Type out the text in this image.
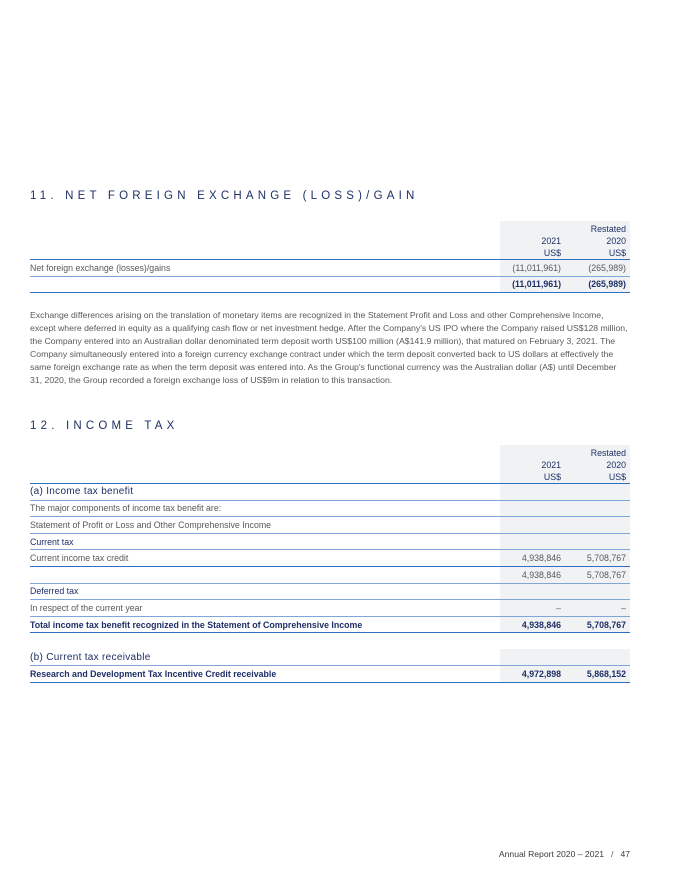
11. NET FOREIGN EXCHANGE (LOSS)/GAIN
		Restated
	2021	2020
	US$	US$
Net foreign exchange (losses)/gains	(11,011,961)	(265,989)
	(11,011,961)	(265,989)

Exchange differences arising on the translation of monetary items are recognized in the Statement Profit and Loss and other Comprehensive Income, except where deferred in equity as a qualifying cash flow or net investment hedge. After the Company's US IPO where the Company raised US$128 million, the Company entered into an Australian dollar denominated term deposit worth US$100 million (A$141.9 million), that matured on February 3, 2021. The Company simultaneously entered into a foreign currency exchange contract under which the term deposit converted back to US dollars at effectively the same foreign exchange rate as when the term deposit was entered into. As the Group's functional currency was the Australian dollar (A$) until December 31, 2020, the Group recorded a foreign exchange loss of US$9m in relation to this transaction.

12. INCOME TAX
		Restated
	2021	2020
	US$	US$
(a) Income tax benefit		
The major components of income tax benefit are:		
Statement of Profit or Loss and Other Comprehensive Income		
Current tax		
Current income tax credit	4,938,846	5,708,767
	4,938,846	5,708,767
Deferred tax		
In respect of the current year	–	–
Total income tax benefit recognized in the Statement of Comprehensive Income	4,938,846	5,708,767

(b) Current tax receivable		
Research and Development Tax Incentive Credit receivable	4,972,898	5,868,152
Annual Report 2020 – 2021 / 47
